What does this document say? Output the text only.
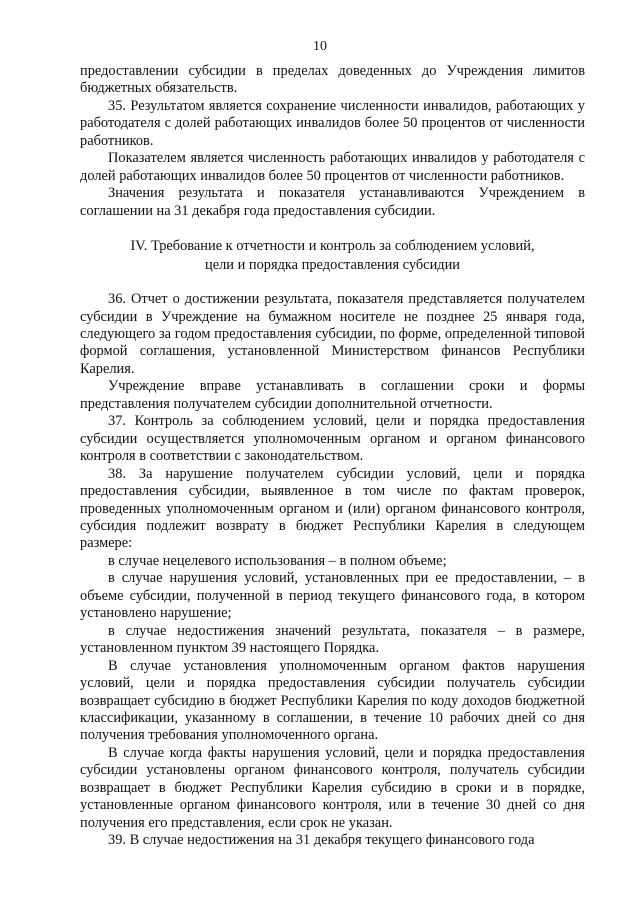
10

предоставлении субсидии в пределах доведенных до Учреждения лимитов бюджетных обязательств.

35. Результатом является сохранение численности инвалидов, работающих у работодателя с долей работающих инвалидов более 50 процентов от численности работников.

Показателем является численность работающих инвалидов у работодателя с долей работающих инвалидов более 50 процентов от численности работников.

Значения результата и показателя устанавливаются Учреждением в соглашении на 31 декабря года предоставления субсидии.

IV. Требование к отчетности и контроль за соблюдением условий,
цели и порядка предоставления субсидии

36. Отчет о достижении результата, показателя представляется получателем субсидии в Учреждение на бумажном носителе не позднее 25 января года, следующего за годом предоставления субсидии, по форме, определенной типовой формой соглашения, установленной Министерством финансов Республики Карелия.

Учреждение вправе устанавливать в соглашении сроки и формы представления получателем субсидии дополнительной отчетности.

37. Контроль за соблюдением условий, цели и порядка предоставления субсидии осуществляется уполномоченным органом и органом финансового контроля в соответствии с законодательством.

38. За нарушение получателем субсидии условий, цели и порядка предоставления субсидии, выявленное в том числе по фактам проверок, проведенных уполномоченным органом и (или) органом финансового контроля, субсидия подлежит возврату в бюджет Республики Карелия в следующем размере:

в случае нецелевого использования – в полном объеме;

в случае нарушения условий, установленных при ее предоставлении, – в объеме субсидии, полученной в период текущего финансового года, в котором установлено нарушение;

в случае недостижения значений результата, показателя – в размере, установленном пунктом 39 настоящего Порядка.

В случае установления уполномоченным органом фактов нарушения условий, цели и порядка предоставления субсидии получатель субсидии возвращает субсидию в бюджет Республики Карелия по коду доходов бюджетной классификации, указанному в соглашении, в течение 10 рабочих дней со дня получения требования уполномоченного органа.

В случае когда факты нарушения условий, цели и порядка предоставления субсидии установлены органом финансового контроля, получатель субсидии возвращает в бюджет Республики Карелия субсидию в сроки и в порядке, установленные органом финансового контроля, или в течение 30 дней со дня получения его представления, если срок не указан.

39. В случае недостижения на 31 декабря текущего финансового года
